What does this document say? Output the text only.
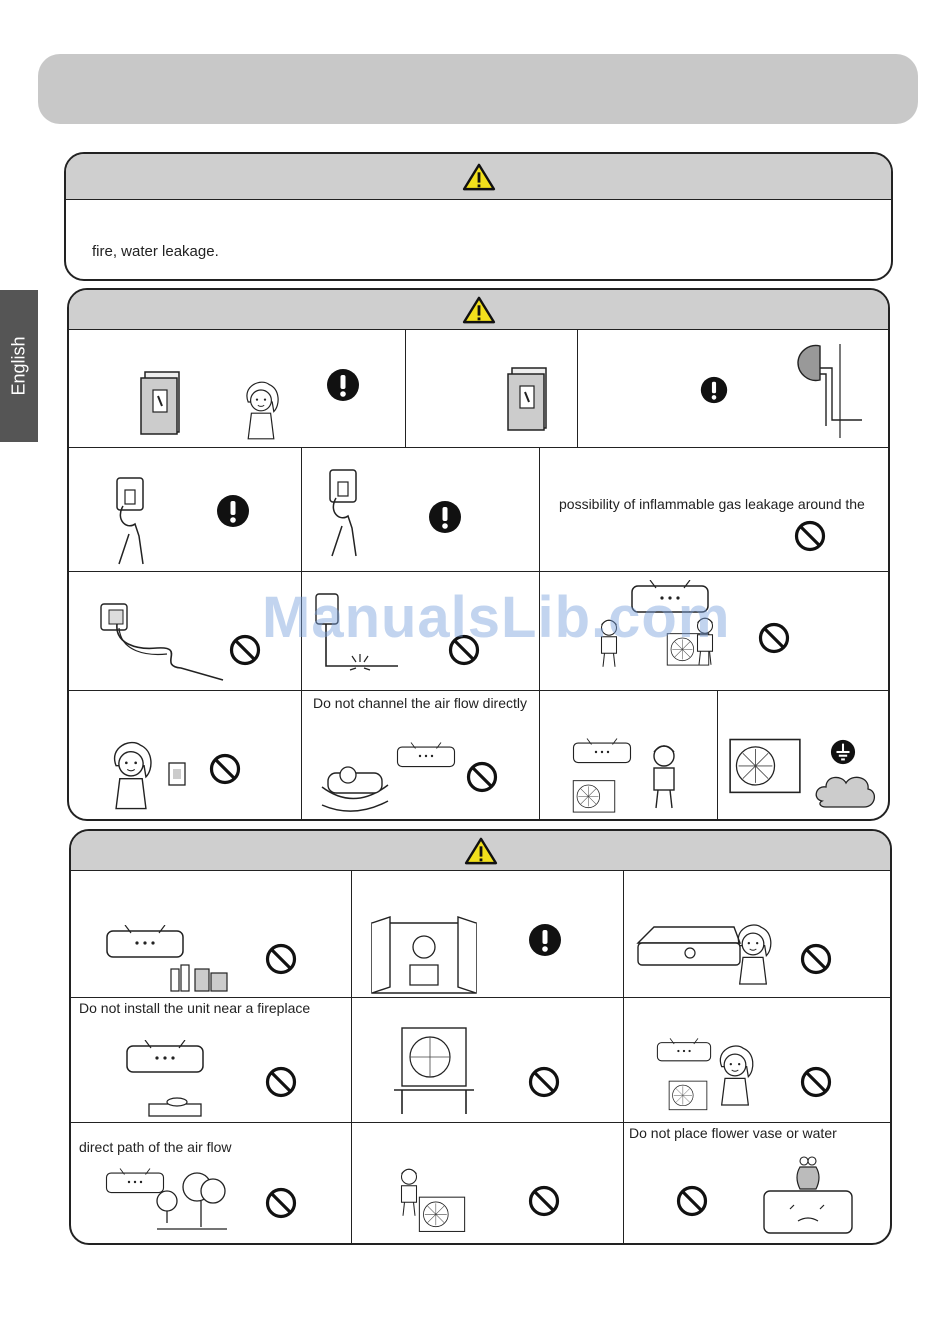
English
fire, water leakage.
possibility of inflammable gas leakage around the
Do not channel the air flow directly
Do not install the unit near a fireplace
direct path of the air flow
Do not place flower vase or water
ManualsLib.com
